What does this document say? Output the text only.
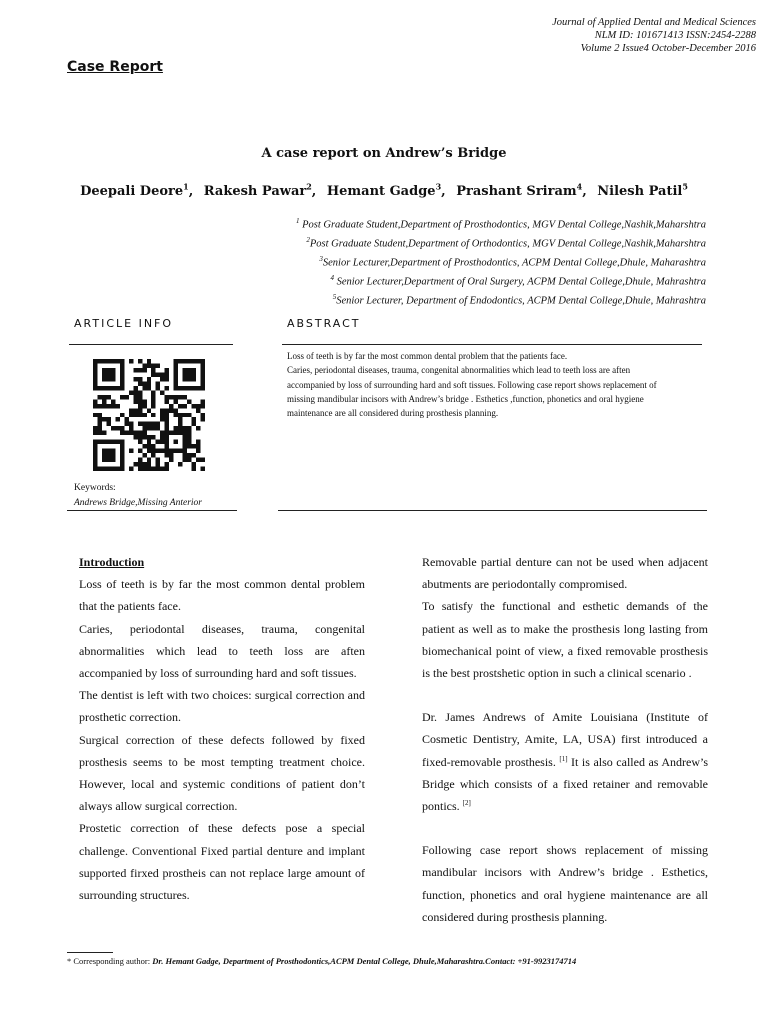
Journal of Applied Dental and Medical Sciences
NLM ID: 101671413 ISSN:2454-2288
Volume 2 Issue4 October-December 2016
Case Report
A case report on Andrew’s Bridge
Deepali Deore$^1$, Rakesh Pawar$^2$, Hemant Gadge$^3$, Prashant Sriram$^4$, Nilesh Patil$^5$
$^1$ Post Graduate Student,Department of Prosthodontics, MGV Dental College,Nashik,Maharshtra
$^2$Post Graduate Student,Department of Orthodontics, MGV Dental College,Nashik,Maharshtra
$^3$Senior Lecturer,Department of Prosthodontics, ACPM Dental College,Dhule, Maharashtra
$^4$ Senior Lecturer,Department of Oral Surgery, ACPM Dental College,Dhule, Mahrashtra
$^5$Senior Lecturer, Department of Endodontics, ACPM Dental College,Dhule, Mahrashtra
ARTICLE INFO	ABSTRACT
Loss of teeth is by far the most common dental problem that the patients face.
Caries, periodontal diseases, trauma, congenital abnormalities which lead to teeth loss are aften
accompanied by loss of surrounding hard and soft tissues. Following case report shows replacement of
missing mandibular incisors with Andrew’s bridge . Esthetics ,function, phonetics and oral hygiene
maintenance are all considered during prosthesis planning.
Keywords:
Andrews Bridge,Missing Anterior

Introduction

Loss of teeth is by far the most common dental problem that the patients face.

Caries, periodontal diseases, trauma, congenital abnormalities which lead to teeth loss are aften accompanied by loss of surrounding hard and soft tissues.

The dentist is left with two choices: surgical correction and prosthetic correction.

Surgical correction of these defects followed by fixed prosthesis seems to be most tempting treatment choice. However, local and systemic conditions of patient don’t always allow surgical correction.

Prostetic correction of these defects pose a special challenge. Conventional Fixed partial denture and implant supported firxed prostheis can not replace large amount of surrounding structures.

Removable partial denture can not be used when adjacent abutments are periodontally compromised.

To satisfy the functional and esthetic demands of the patient as well as to make the prosthesis long lasting from biomechanical point of view, a fixed removable prosthesis is the best prostshetic option in such a clinical scenario .

Dr. James Andrews of Amite Louisiana (Institute of Cosmetic Dentistry, Amite, LA, USA) first introduced a fixed-removable prosthesis. [1] It is also called as Andrew’s Bridge which consists of a fixed retainer and removable pontics. [2]

Following case report shows replacement of missing mandibular incisors with Andrew’s bridge . Esthetics, function, phonetics and oral hygiene maintenance are all considered during prosthesis planning.

* Corresponding author: Dr. Hemant Gadge, Department of Prosthodontics,ACPM Dental College, Dhule,Maharashtra.Contact: +91-9923174714
